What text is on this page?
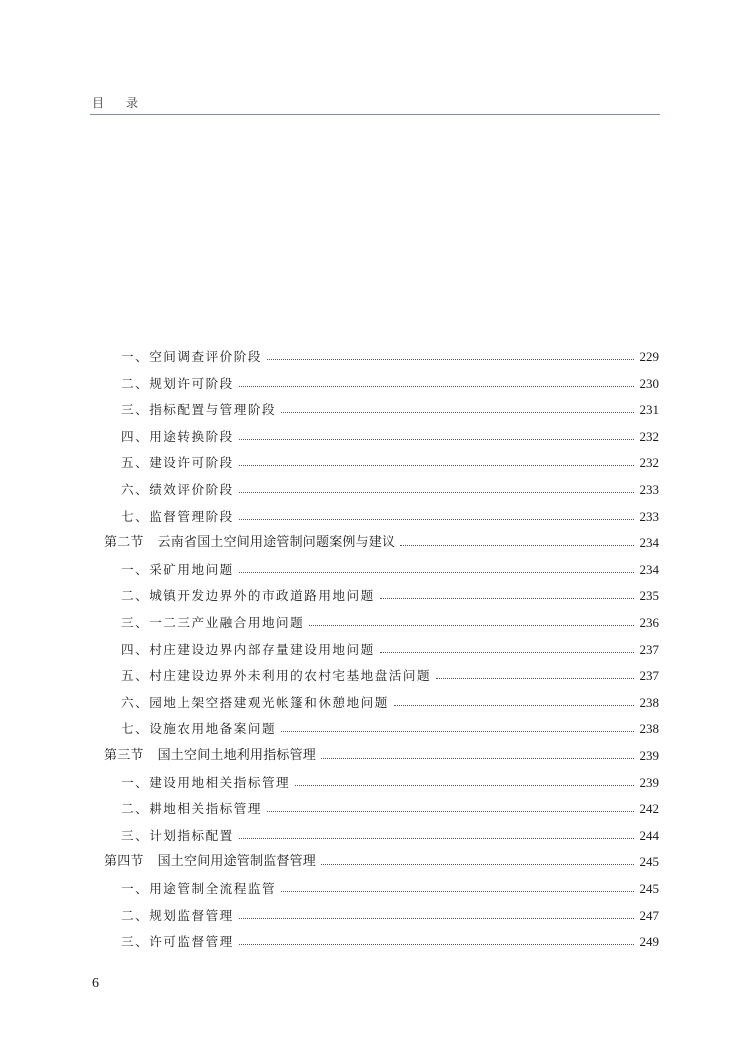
目 录
一、空间调查评价阶段	229
二、规划许可阶段	230
三、指标配置与管理阶段	231
四、用途转换阶段	232
五、建设许可阶段	232
六、绩效评价阶段	233
七、监督管理阶段	233
第二节 云南省国土空间用途管制问题案例与建议	234
一、采矿用地问题	234
二、城镇开发边界外的市政道路用地问题	235
三、一二三产业融合用地问题	236
四、村庄建设边界内部存量建设用地问题	237
五、村庄建设边界外未利用的农村宅基地盘活问题	237
六、园地上架空搭建观光帐篷和休憩地问题	238
七、设施农用地备案问题	238
第三节 国土空间土地利用指标管理	239
一、建设用地相关指标管理	239
二、耕地相关指标管理	242
三、计划指标配置	244
第四节 国土空间用途管制监督管理	245
一、用途管制全流程监管	245
二、规划监督管理	247
三、许可监督管理	249
6
